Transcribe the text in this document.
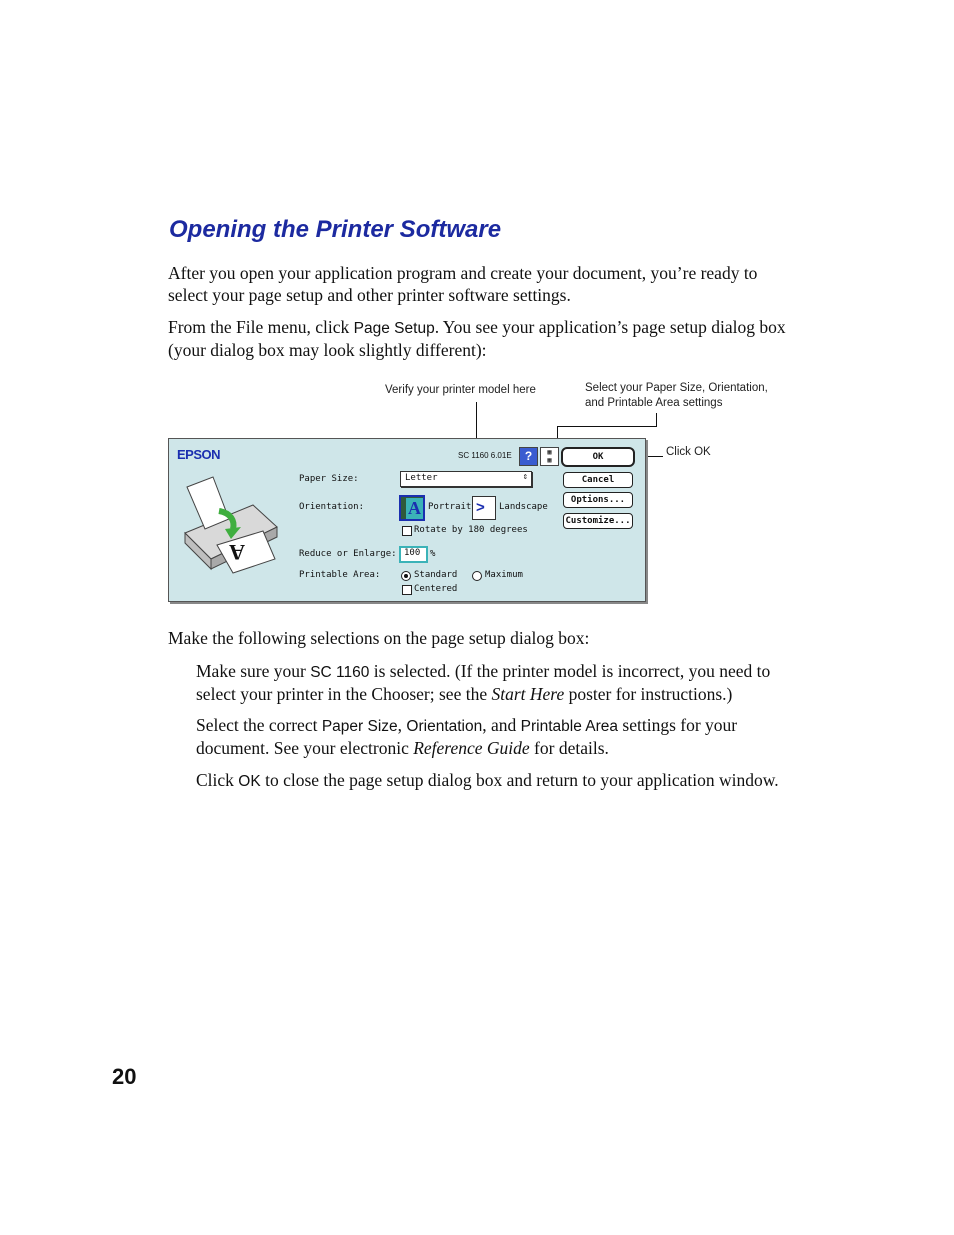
Opening the Printer Software

After you open your application program and create your document, you’re ready to select your page setup and other printer software settings.

From the File menu, click Page Setup. You see your application’s page setup dialog box (your dialog box may look slightly different):

Verify your printer model here	Select your Paper Size, Orientation,
and Printable Area settings
Click OK
EPSON	SC 1160 6.01E	?	▦
▦
A
Paper Size:	Letter	⇕
Orientation: A Portrait > Landscape
Rotate by 180 degrees
Reduce or Enlarge: 100 %
Printable Area:	Standard	Maximum
Centered
OK
Cancel
Options...
Customize...

Make the following selections on the page setup dialog box:

Make sure your SC 1160 is selected. (If the printer model is incorrect, you need to select your printer in the Chooser; see the Start Here poster for instructions.)

Select the correct Paper Size, Orientation, and Printable Area settings for your document. See your electronic Reference Guide for details.

Click OK to close the page setup dialog box and return to your application window.

20
